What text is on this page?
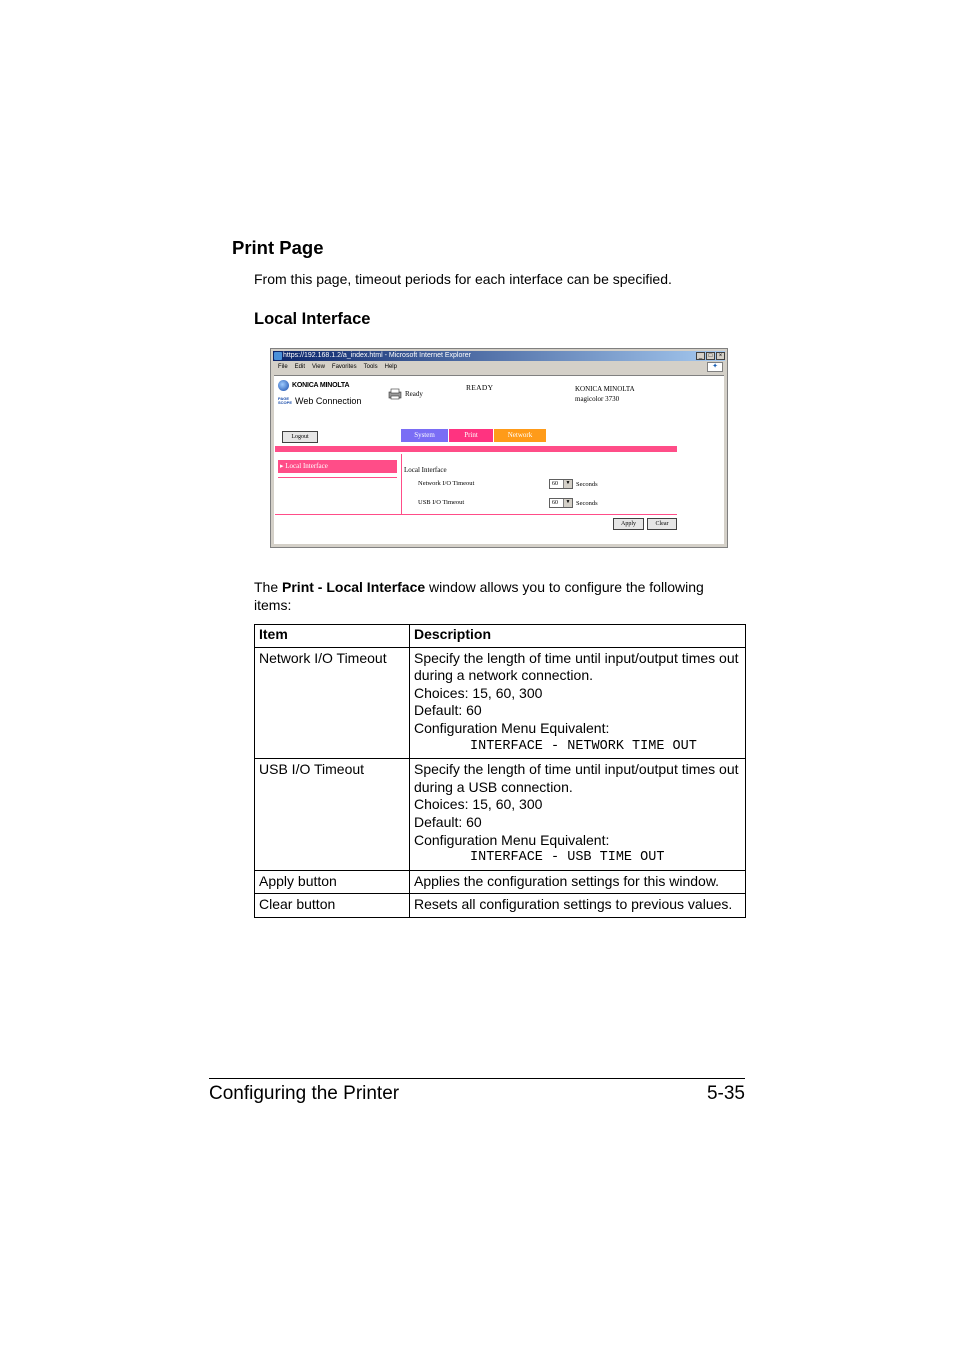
Print Page
From this page, timeout periods for each interface can be specified.
Local Interface
https://192.168.1.2/a_index.html - Microsoft Internet Explorer	_	□	×
File Edit View Favorites Tools Help	✦
KONICA MINOLTA
PAGE SCOPE Web Connection
Ready
READY	KONICA MINOLTA
magicolor 3730
Logout	System	Print	Network
▸ Local Interface	Local Interface
Network I/O Timeout	60	▼ Seconds
USB I/O Timeout	60	▼ Seconds
Apply	Clear
The Print - Local Interface window allows you to configure the following items:
Item	Description
Network I/O Timeout	Specify the length of time until input/output times out during a network connection.
Choices: 15, 60, 300
Default: 60
Configuration Menu Equivalent:
INTERFACE - NETWORK TIME OUT

USB I/O Timeout	Specify the length of time until input/output times out during a USB connection.
Choices: 15, 60, 300
Default: 60
Configuration Menu Equivalent:
INTERFACE - USB TIME OUT

Apply button	Applies the configuration settings for this window.
Clear button	Resets all configuration settings to previous values.
Configuring the Printer	5-35
